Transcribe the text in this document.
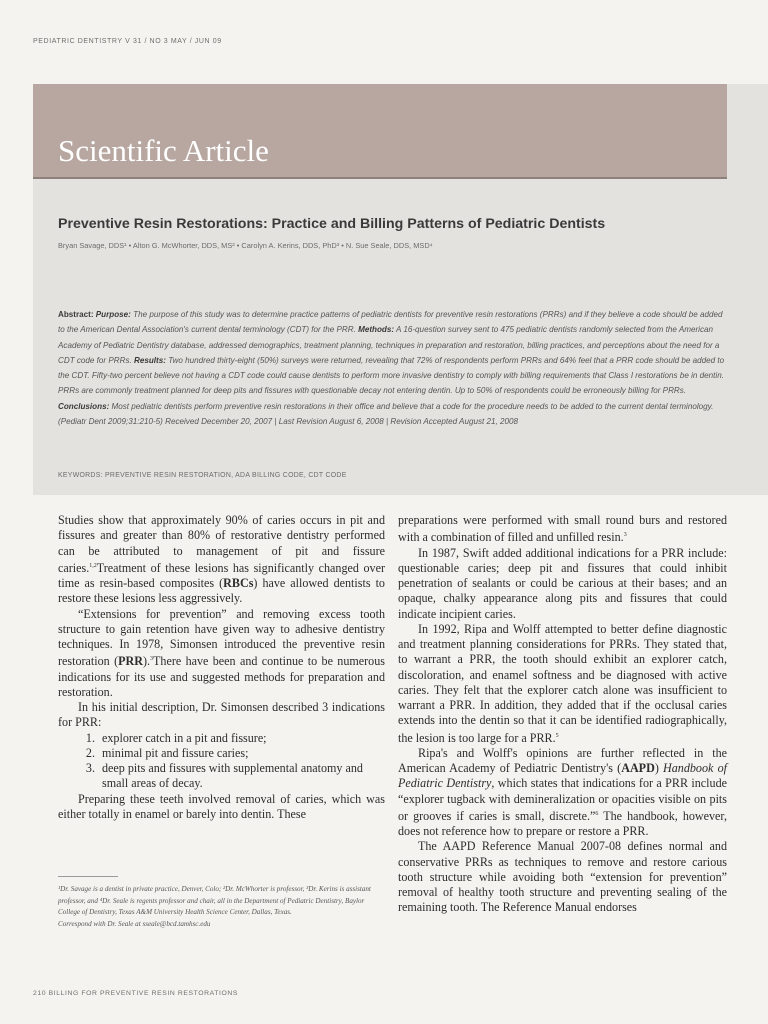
PEDIATRIC DENTISTRY V 31 / NO 3 MAY / JUN 09
Scientific Article
Preventive Resin Restorations: Practice and Billing Patterns of Pediatric Dentists
Bryan Savage, DDS¹ • Alton G. McWhorter, DDS, MS² • Carolyn A. Kerins, DDS, PhD³ • N. Sue Seale, DDS, MSD⁴

Abstract: Purpose: The purpose of this study was to determine practice patterns of pediatric dentists for preventive resin restorations (PRRs) and if they believe a code should be added to the American Dental Association's current dental terminology (CDT) for the PRR. Methods: A 16-question survey sent to 475 pediatric dentists randomly selected from the American Academy of Pediatric Dentistry database, addressed demographics, treatment planning, techniques in preparation and restoration, billing practices, and perceptions about the need for a CDT code for PRRs. Results: Two hundred thirty-eight (50%) surveys were returned, revealing that 72% of respondents perform PRRs and 64% feel that a PRR code should be added to the CDT. Fifty-two percent believe not having a CDT code could cause dentists to perform more invasive dentistry to comply with billing requirements that Class I restorations be in dentin. PRRs are commonly treatment planned for deep pits and fissures with questionable decay not entering dentin. Up to 50% of respondents could be erroneously billing for PRRs. Conclusions: Most pediatric dentists perform preventive resin restorations in their office and believe that a code for the procedure needs to be added to the current dental terminology. (Pediatr Dent 2009;31:210-5) Received December 20, 2007 | Last Revision August 6, 2008 | Revision Accepted August 21, 2008

KEYWORDS: PREVENTIVE RESIN RESTORATION, ADA BILLING CODE, CDT CODE

Studies show that approximately 90% of caries occurs in pit and fissures and greater than 80% of restorative dentistry performed can be attributed to management of pit and fissure caries.$^{1,2}$Treatment of these lesions has significantly changed over time as resin-based composites (RBCs) have allowed dentists to restore these lesions less aggressively.

“Extensions for prevention” and removing excess tooth structure to gain retention have given way to adhesive dentistry techniques. In 1978, Simonsen introduced the preventive resin restoration (PRR).$^3$There have been and continue to be numerous indications for its use and suggested methods for preparation and restoration.

In his initial description, Dr. Simonsen described 3 indications for PRR:

1. explorer catch in a pit and fissure;
2. minimal pit and fissure caries;
3. deep pits and fissures with supplemental anatomy and small areas of decay.

Preparing these teeth involved removal of caries, which was either totally in enamel or barely into dentin. These

¹Dr. Savage is a dentist in private practice, Denver, Colo; ²Dr. McWhorter is professor, ³Dr. Kerins is assistant professor, and ⁴Dr. Seale is regents professor and chair, all in the Department of Pediatric Dentistry, Baylor College of Dentistry, Texas A&M University Health Science Center, Dallas, Texas.

Correspond with Dr. Seale at sseale@bcd.tamhsc.edu

preparations were performed with small round burs and restored with a combination of filled and unfilled resin.$^3$

In 1987, Swift added additional indications for a PRR include: questionable caries; deep pit and fissures that could inhibit penetration of sealants or could be carious at their bases; and an opaque, chalky appearance along pits and fissures that could indicate incipient caries.

In 1992, Ripa and Wolff attempted to better define diagnostic and treatment planning considerations for PRRs. They stated that, to warrant a PRR, the tooth should exhibit an explorer catch, discoloration, and enamel softness and be diagnosed with active caries. They felt that the explorer catch alone was insufficient to warrant a PRR. In addition, they added that if the occlusal caries extends into the dentin so that it can be identified radiographically, the lesion is too large for a PRR.$^5$

Ripa's and Wolff's opinions are further reflected in the American Academy of Pediatric Dentistry's (AAPD) Handbook of Pediatric Dentistry, which states that indications for a PRR include “explorer tugback with demineralization or opacities visible on pits or grooves if caries is small, discrete.”$^6$ The handbook, however, does not reference how to prepare or restore a PRR.

The AAPD Reference Manual 2007-08 defines normal and conservative PRRs as techniques to remove and restore carious tooth structure while avoiding both “extension for prevention” removal of healthy tooth structure and preventing sealing of the remaining tooth. The Reference Manual endorses

210 BILLING FOR PREVENTIVE RESIN RESTORATIONS
